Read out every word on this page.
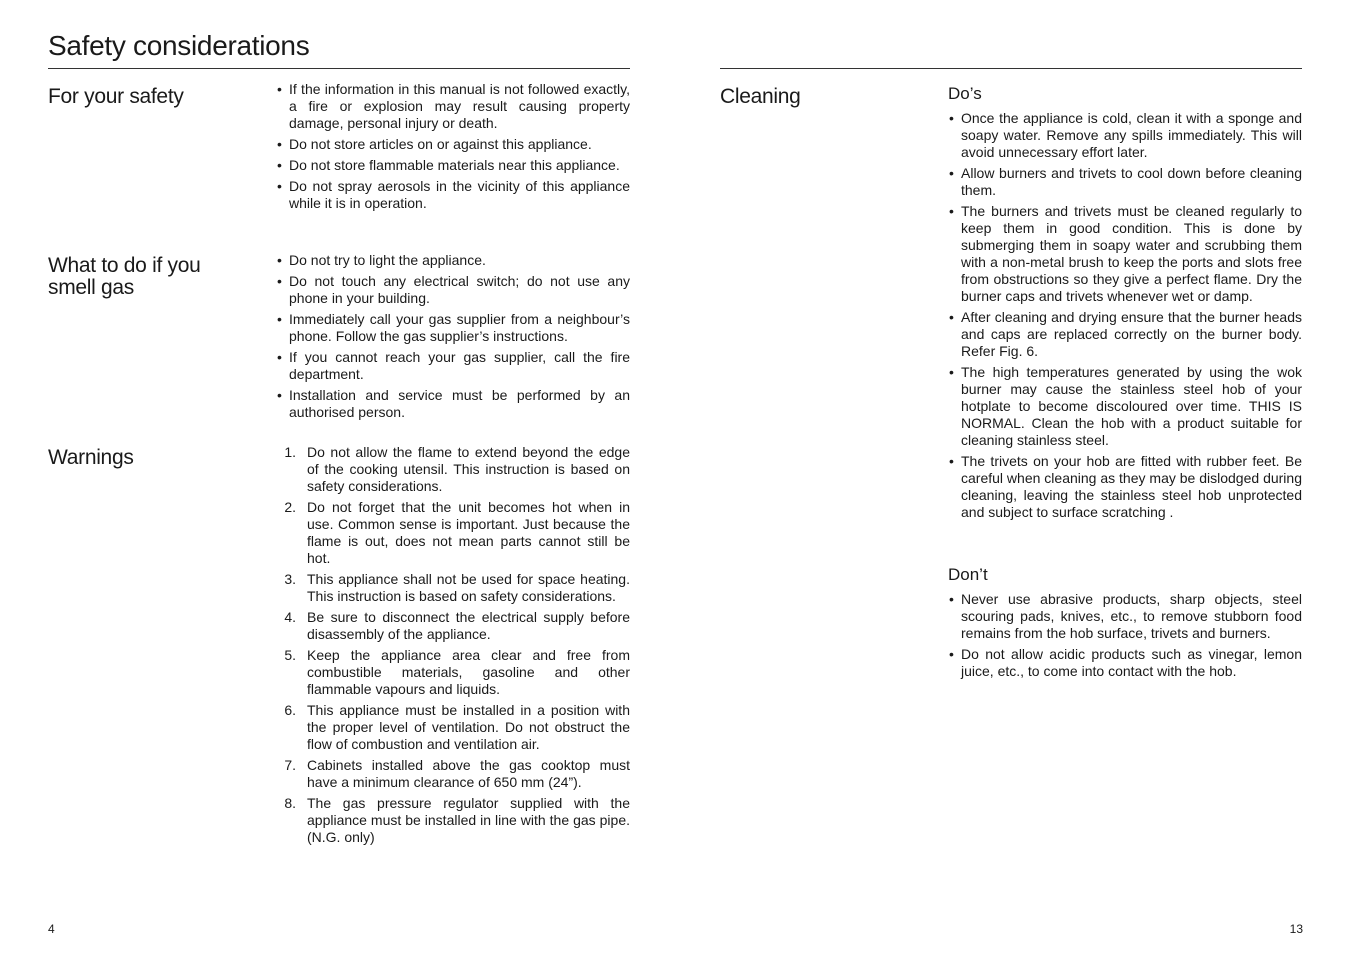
Safety considerations
For your safety
•	If the information in this manual is not followed exactly, a fire or explosion may result causing property damage, personal injury or death.
• Do not store articles on or against this appliance.
• Do not store flammable materials near this appliance.
• Do not spray aerosols in the vicinity of this appliance while it is in operation.
What to do if you smell gas
• Do not try to light the appliance.
• Do not touch any electrical switch; do not use any phone in your building.
• Immediately call your gas supplier from a neighbour’s phone. Follow the gas supplier’s instructions.
• If you cannot reach your gas supplier, call the fire department.
• Installation and service must be performed by an authorised person.
Warnings	1. Do not allow the flame to extend beyond the edge of the cooking utensil. This instruction is based on safety considerations.
2. Do not forget that the unit becomes hot when in use. Common sense is important. Just because the flame is out, does not mean parts cannot still be hot.
3. This appliance shall not be used for space heating. This instruction is based on safety considerations.
4. Be sure to disconnect the electrical supply before disassembly of the appliance.
5. Keep the appliance area clear and free from combustible materials, gasoline and other flammable vapours and liquids.
6. This appliance must be installed in a position with the proper level of ventilation. Do not obstruct the flow of combustion and ventilation air.
7. Cabinets installed above the gas cooktop must have a minimum clearance of 650 mm (24”).
8. The gas pressure regulator supplied with the appliance must be installed in line with the gas pipe. (N.G. only)
4
Cleaning	Do’s
• Once the appliance is cold, clean it with a sponge and soapy water. Remove any spills immediately. This will avoid unnecessary effort later.
• Allow burners and trivets to cool down before cleaning them.
• The burners and trivets must be cleaned regularly to keep them in good condition. This is done by submerging them in soapy water and scrubbing them with a non-metal brush to keep the ports and slots free from obstructions so they give a perfect flame. Dry the burner caps and trivets whenever wet or damp.
• After cleaning and drying ensure that the burner heads and caps are replaced correctly on the burner body. Refer Fig. 6.
• The high temperatures generated by using the wok burner may cause the stainless steel hob of your hotplate to become discoloured over time. THIS IS NORMAL. Clean the hob with a product suitable for cleaning stainless steel.
• The trivets on your hob are fitted with rubber feet. Be careful when cleaning as they may be dislodged during cleaning, leaving the stainless steel hob unprotected and subject to surface scratching .
Don’t
• Never use abrasive products, sharp objects, steel scouring pads, knives, etc., to remove stubborn food remains from the hob surface, trivets and burners.
• Do not allow acidic products such as vinegar, lemon juice, etc., to come into contact with the hob.
13
